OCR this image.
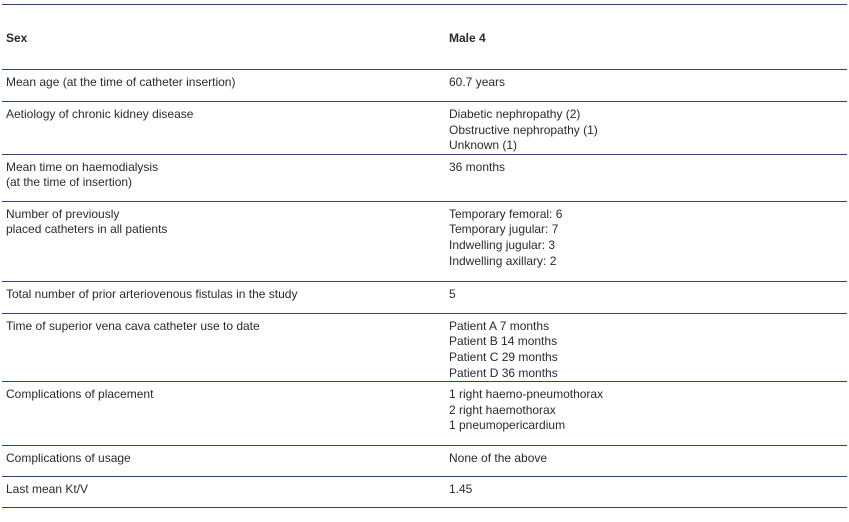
Sex	Male 4

Mean age (at the time of catheter insertion)	60.7 years

Aetiology of chronic kidney disease	Diabetic nephropathy (2)
Obstructive nephropathy (1)
Unknown (1)

Mean time on haemodialysis
(at the time of insertion)	36 months

Number of previously
placed catheters in all patients	Temporary femoral: 6
Temporary jugular: 7
Indwelling jugular: 3
Indwelling axillary: 2

Total number of prior arteriovenous fistulas in the study	5

Time of superior vena cava catheter use to date	Patient A 7 months
Patient B 14 months
Patient C 29 months
Patient D 36 months

Complications of placement	1 right haemo-pneumothorax
2 right haemothorax
1 pneumopericardium

Complications of usage	None of the above

Last mean Kt/V	1.45
